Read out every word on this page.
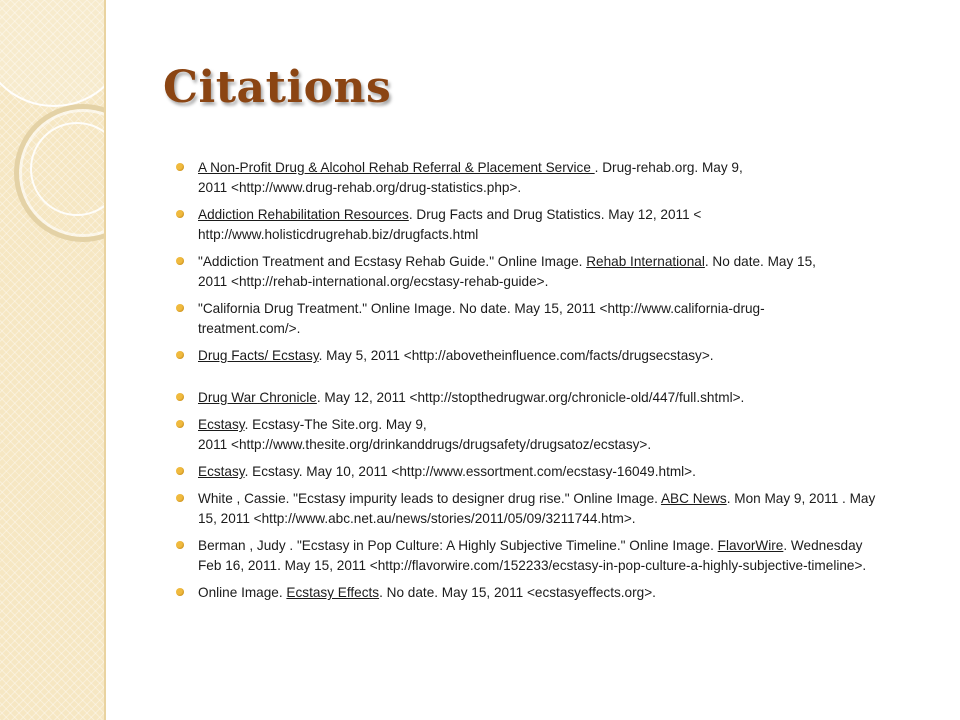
Citations
A Non-Profit Drug & Alcohol Rehab Referral & Placement Service . Drug-rehab.org. May 9,
2011 <http://www.drug-rehab.org/drug-statistics.php>.
Addiction Rehabilitation Resources. Drug Facts and Drug Statistics. May 12, 2011 <
http://www.holisticdrugrehab.biz/drugfacts.html
"Addiction Treatment and Ecstasy Rehab Guide." Online Image. Rehab International. No date. May 15,
2011 <http://rehab-international.org/ecstasy-rehab-guide>.
"California Drug Treatment." Online Image. No date. May 15, 2011 <http://www.california-drug-
treatment.com/>.
Drug Facts/ Ecstasy. May 5, 2011 <http://abovetheinfluence.com/facts/drugsecstasy>.
Drug War Chronicle. May 12, 2011 <http://stopthedrugwar.org/chronicle-old/447/full.shtml>.
Ecstasy. Ecstasy-The Site.org. May 9,
2011 <http://www.thesite.org/drinkanddrugs/drugsafety/drugsatoz/ecstasy>.
Ecstasy. Ecstasy. May 10, 2011 <http://www.essortment.com/ecstasy-16049.html>.
White , Cassie. "Ecstasy impurity leads to designer drug rise." Online Image. ABC News. Mon May 9, 2011 . May
15, 2011 <http://www.abc.net.au/news/stories/2011/05/09/3211744.htm>.
Berman , Judy . "Ecstasy in Pop Culture: A Highly Subjective Timeline." Online Image. FlavorWire. Wednesday
Feb 16, 2011. May 15, 2011 <http://flavorwire.com/152233/ecstasy-in-pop-culture-a-highly-subjective-timeline>.
Online Image. Ecstasy Effects. No date. May 15, 2011 <ecstasyeffects.org>.
